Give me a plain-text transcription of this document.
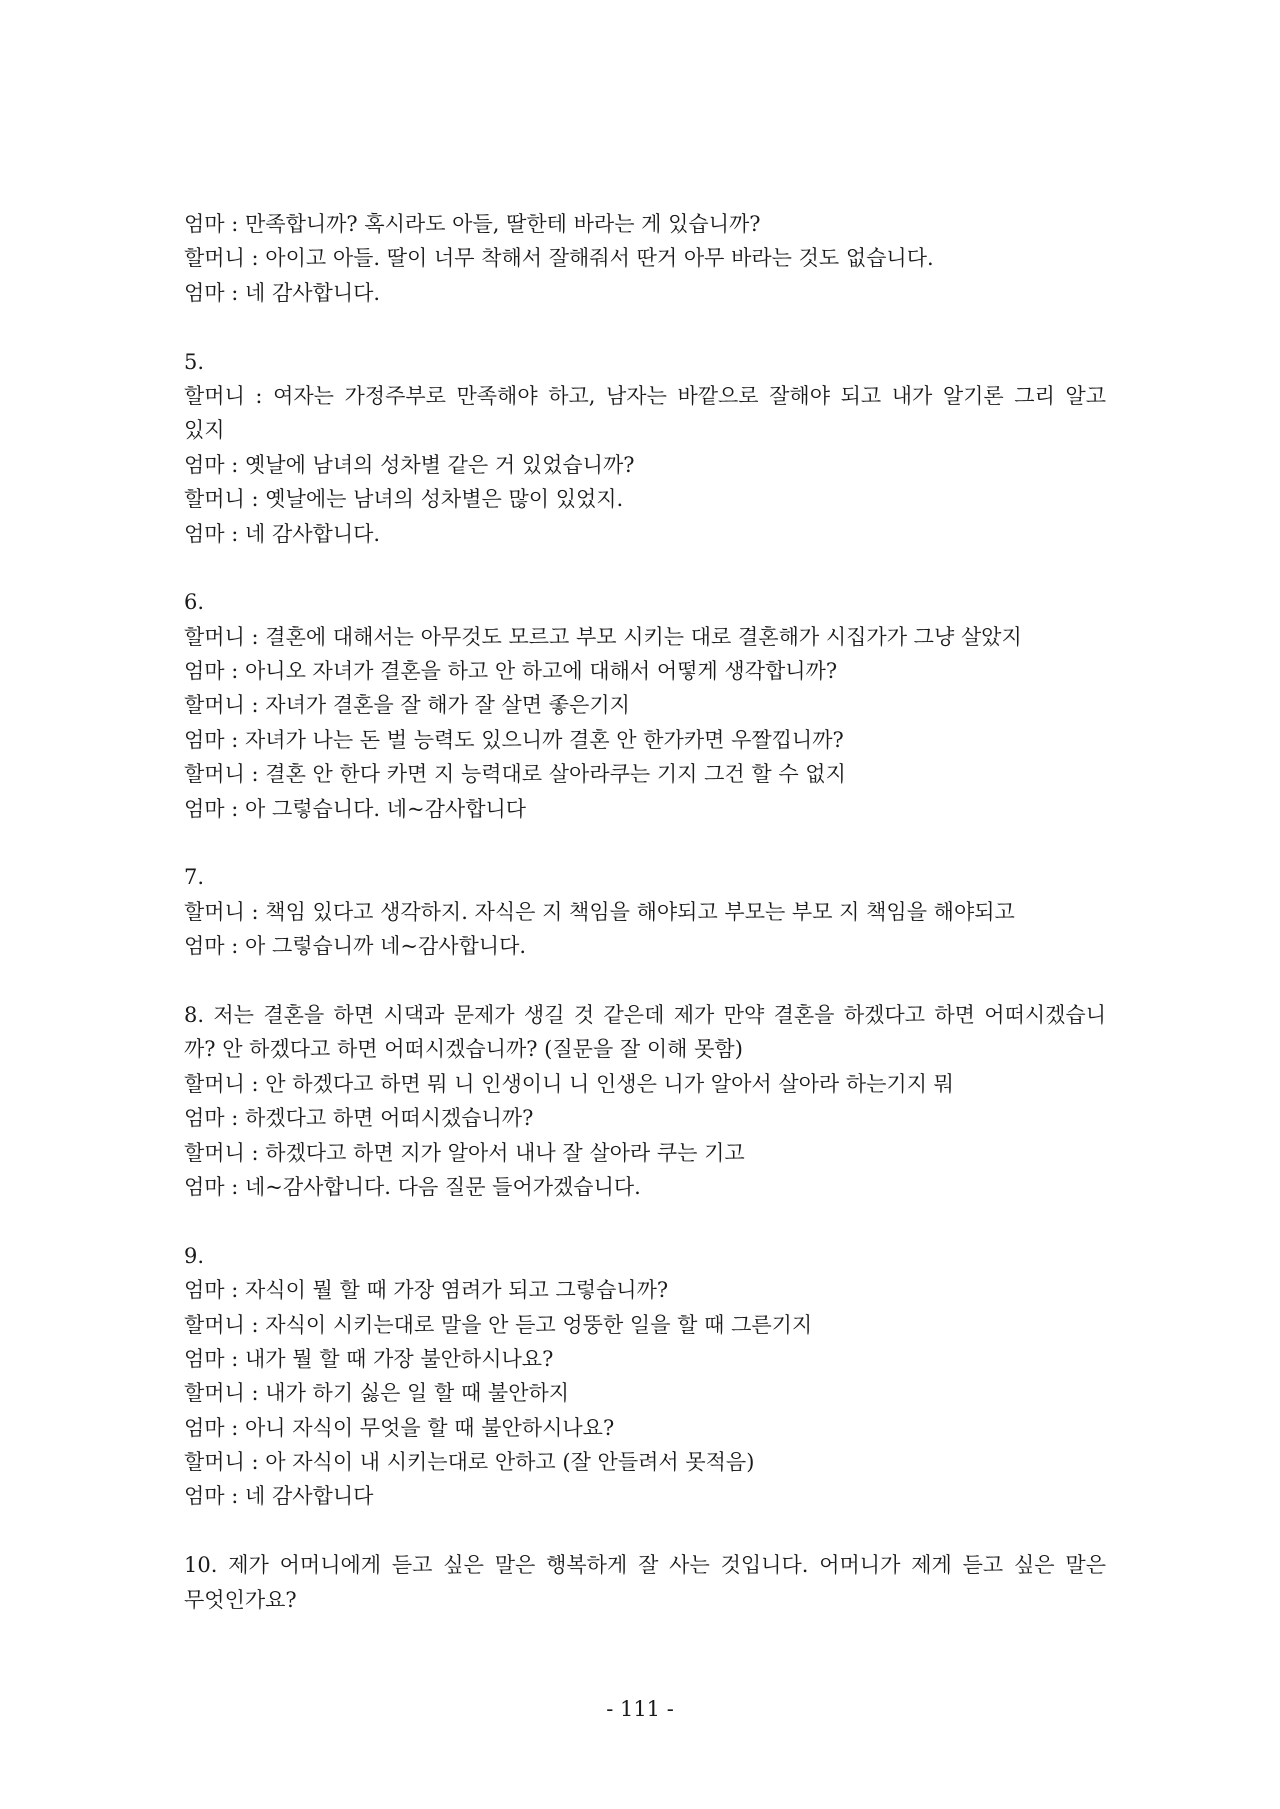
엄마 : 만족합니까? 혹시라도 아들, 딸한테 바라는 게 있습니까?
할머니 : 아이고 아들. 딸이 너무 착해서 잘해줘서 딴거 아무 바라는 것도 없습니다.
엄마 : 네 감사합니다.
5.
할머니 : 여자는 가정주부로 만족해야 하고, 남자는 바깥으로 잘해야 되고 내가 알기론 그리 알고
있지
엄마 : 옛날에 남녀의 성차별 같은 거 있었습니까?
할머니 : 옛날에는 남녀의 성차별은 많이 있었지.
엄마 : 네 감사합니다.
6.
할머니 : 결혼에 대해서는 아무것도 모르고 부모 시키는 대로 결혼해가 시집가가 그냥 살았지
엄마 : 아니오 자녀가 결혼을 하고 안 하고에 대해서 어떻게 생각합니까?
할머니 : 자녀가 결혼을 잘 해가 잘 살면 좋은기지
엄마 : 자녀가 나는 돈 벌 능력도 있으니까 결혼 안 한가카면 우짤낍니까?
할머니 : 결혼 안 한다 카면 지 능력대로 살아라쿠는 기지 그건 할 수 없지
엄마 : 아 그렇습니다. 네~감사합니다
7.
할머니 : 책임 있다고 생각하지. 자식은 지 책임을 해야되고 부모는 부모 지 책임을 해야되고
엄마 : 아 그렇습니까 네~감사합니다.
8. 저는 결혼을 하면 시댁과 문제가 생길 것 같은데 제가 만약 결혼을 하겠다고 하면 어떠시겠습니
까? 안 하겠다고 하면 어떠시겠습니까? (질문을 잘 이해 못함)
할머니 : 안 하겠다고 하면 뭐 니 인생이니 니 인생은 니가 알아서 살아라 하는기지 뭐
엄마 : 하겠다고 하면 어떠시겠습니까?
할머니 : 하겠다고 하면 지가 알아서 내나 잘 살아라 쿠는 기고
엄마 : 네~감사합니다. 다음 질문 들어가겠습니다.
9.
엄마 : 자식이 뭘 할 때 가장 염려가 되고 그렇습니까?
할머니 : 자식이 시키는대로 말을 안 듣고 엉뚱한 일을 할 때 그른기지
엄마 : 내가 뭘 할 때 가장 불안하시나요?
할머니 : 내가 하기 싫은 일 할 때 불안하지
엄마 : 아니 자식이 무엇을 할 때 불안하시나요?
할머니 : 아 자식이 내 시키는대로 안하고 (잘 안들려서 못적음)
엄마 : 네 감사합니다
10. 제가 어머니에게 듣고 싶은 말은 행복하게 잘 사는 것입니다. 어머니가 제게 듣고 싶은 말은
무엇인가요?
- 111 -
